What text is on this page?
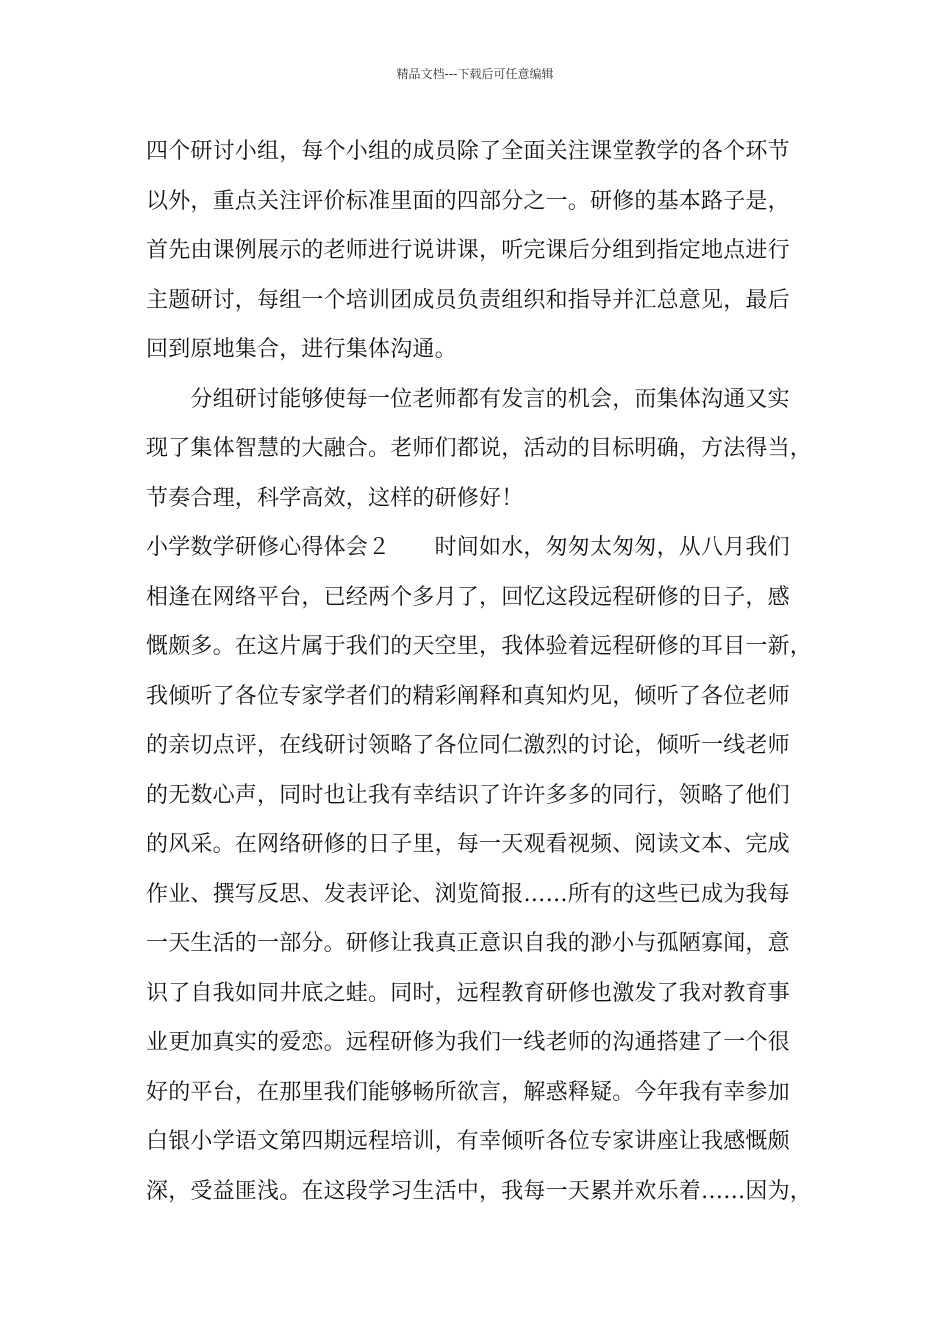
精品文档---下载后可任意编辑
四个研讨小组，每个小组的成员除了全面关注课堂教学的各个环节
以外，重点关注评价标准里面的四部分之一。研修的基本路子是，
首先由课例展示的老师进行说讲课，听完课后分组到指定地点进行
主题研讨，每组一个培训团成员负责组织和指导并汇总意见，最后
回到原地集合，进行集体沟通。
　　分组研讨能够使每一位老师都有发言的机会，而集体沟通又实
现了集体智慧的大融合。老师们都说，活动的目标明确，方法得当，
节奏合理，科学高效，这样的研修好！
小学数学研修心得体会２　　时间如水，匆匆太匆匆，从八月我们
相逢在网络平台，已经两个多月了，回忆这段远程研修的日子，感
慨颇多。在这片属于我们的天空里，我体验着远程研修的耳目一新，
我倾听了各位专家学者们的精彩阐释和真知灼见，倾听了各位老师
的亲切点评，在线研讨领略了各位同仁激烈的讨论，倾听一线老师
的无数心声，同时也让我有幸结识了许许多多的同行，领略了他们
的风采。在网络研修的日子里，每一天观看视频、阅读文本、完成
作业、撰写反思、发表评论、浏览简报……所有的这些已成为我每
一天生活的一部分。研修让我真正意识自我的渺小与孤陋寡闻，意
识了自我如同井底之蛙。同时，远程教育研修也激发了我对教育事
业更加真实的爱恋。远程研修为我们一线老师的沟通搭建了一个很
好的平台，在那里我们能够畅所欲言，解惑释疑。今年我有幸参加
白银小学语文第四期远程培训，有幸倾听各位专家讲座让我感慨颇
深，受益匪浅。在这段学习生活中，我每一天累并欢乐着……因为，
